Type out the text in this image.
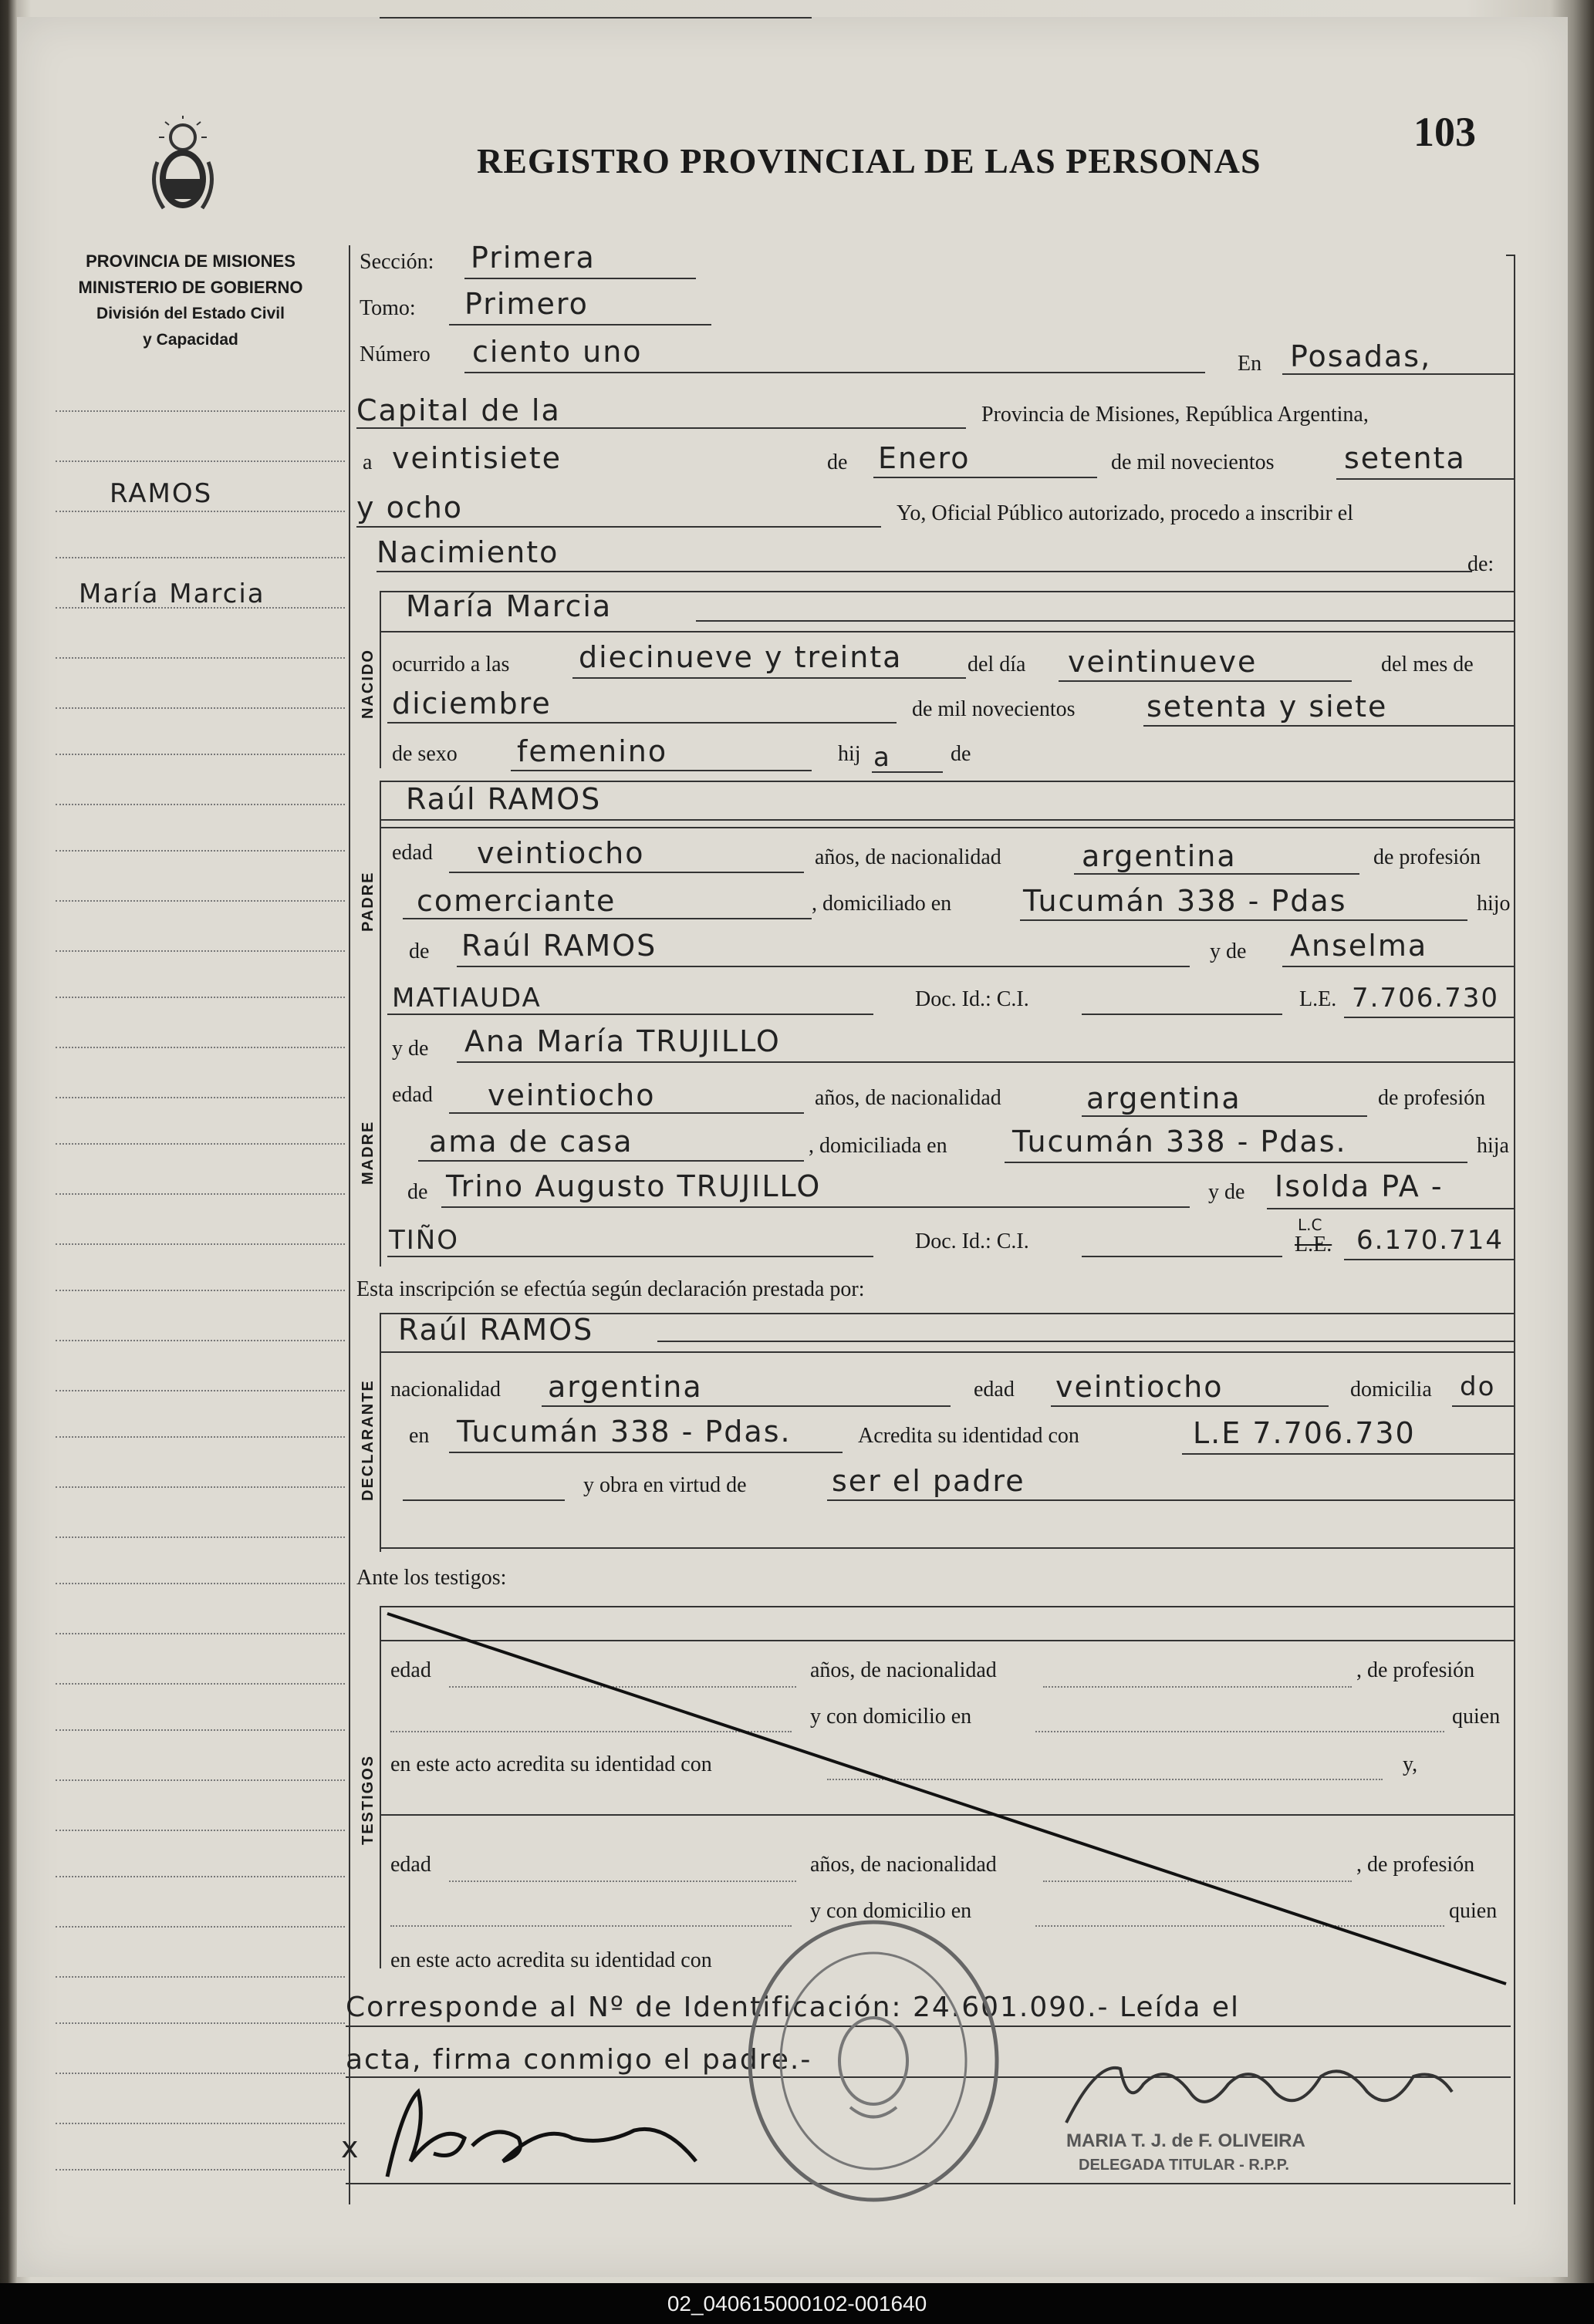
REGISTRO PROVINCIAL DE LAS PERSONAS
103
PROVINCIA DE MISIONES
MINISTERIO DE GOBIERNO
División del Estado Civil
y Capacidad
RAMOS
María Marcia
Sección: Primera
Tomo: Primero
Número ciento uno	En Posadas,
Capital de la	Provincia de Misiones, República Argentina,
a veintisiete	de Enero	de mil novecientos setenta
y ocho	Yo, Oficial Público autorizado, procedo a inscribir el
Nacimiento	de:
NACIDO
María Marcia
ocurrido a las diecinueve y treinta	del día veintinueve	del mes de
diciembre	de mil novecientos setenta y siete
de sexo femenino	hij a	de
PADRE
Raúl RAMOS
edad veintiocho	años, de nacionalidad	argentina	de profesión
comerciante	, domiciliado en Tucumán 338 - Pdas	hijo
de Raúl RAMOS	y de Anselma
MATIAUDA	Doc. Id.: C.I.	L.E. 7.706.730
y de Ana María TRUJILLO
MADRE
edad veintiocho	años, de nacionalidad	argentina	de profesión
ama de casa	, domiciliada en Tucumán 338 - Pdas.	hija
de Trino Augusto TRUJILLO	y de Isolda PA -
TIÑO	Doc. Id.: C.I.
L.C
L.E. 6.170.714
Esta inscripción se efectúa según declaración prestada por:
DECLARANTE
Raúl RAMOS
nacionalidad argentina	edad veintiocho	domicilia do
en Tucumán 338 - Pdas.	Acredita su identidad con	L.E 7.706.730
y obra en virtud de	ser el padre
Ante los testigos:
TESTIGOS
edad	años, de nacionalidad	, de profesión
y con domicilio en	quien
en este acto acredita su identidad con	y,
edad	años, de nacionalidad	, de profesión
y con domicilio en	quien
en este acto acredita su identidad con
Corresponde al Nº de Identificación: 24.601.090.- Leída el
acta, firma conmigo el padre.-
x	MARIA T. J. de F. OLIVEIRA
DELEGADA TITULAR - R.P.P.
02_040615000102-001640
